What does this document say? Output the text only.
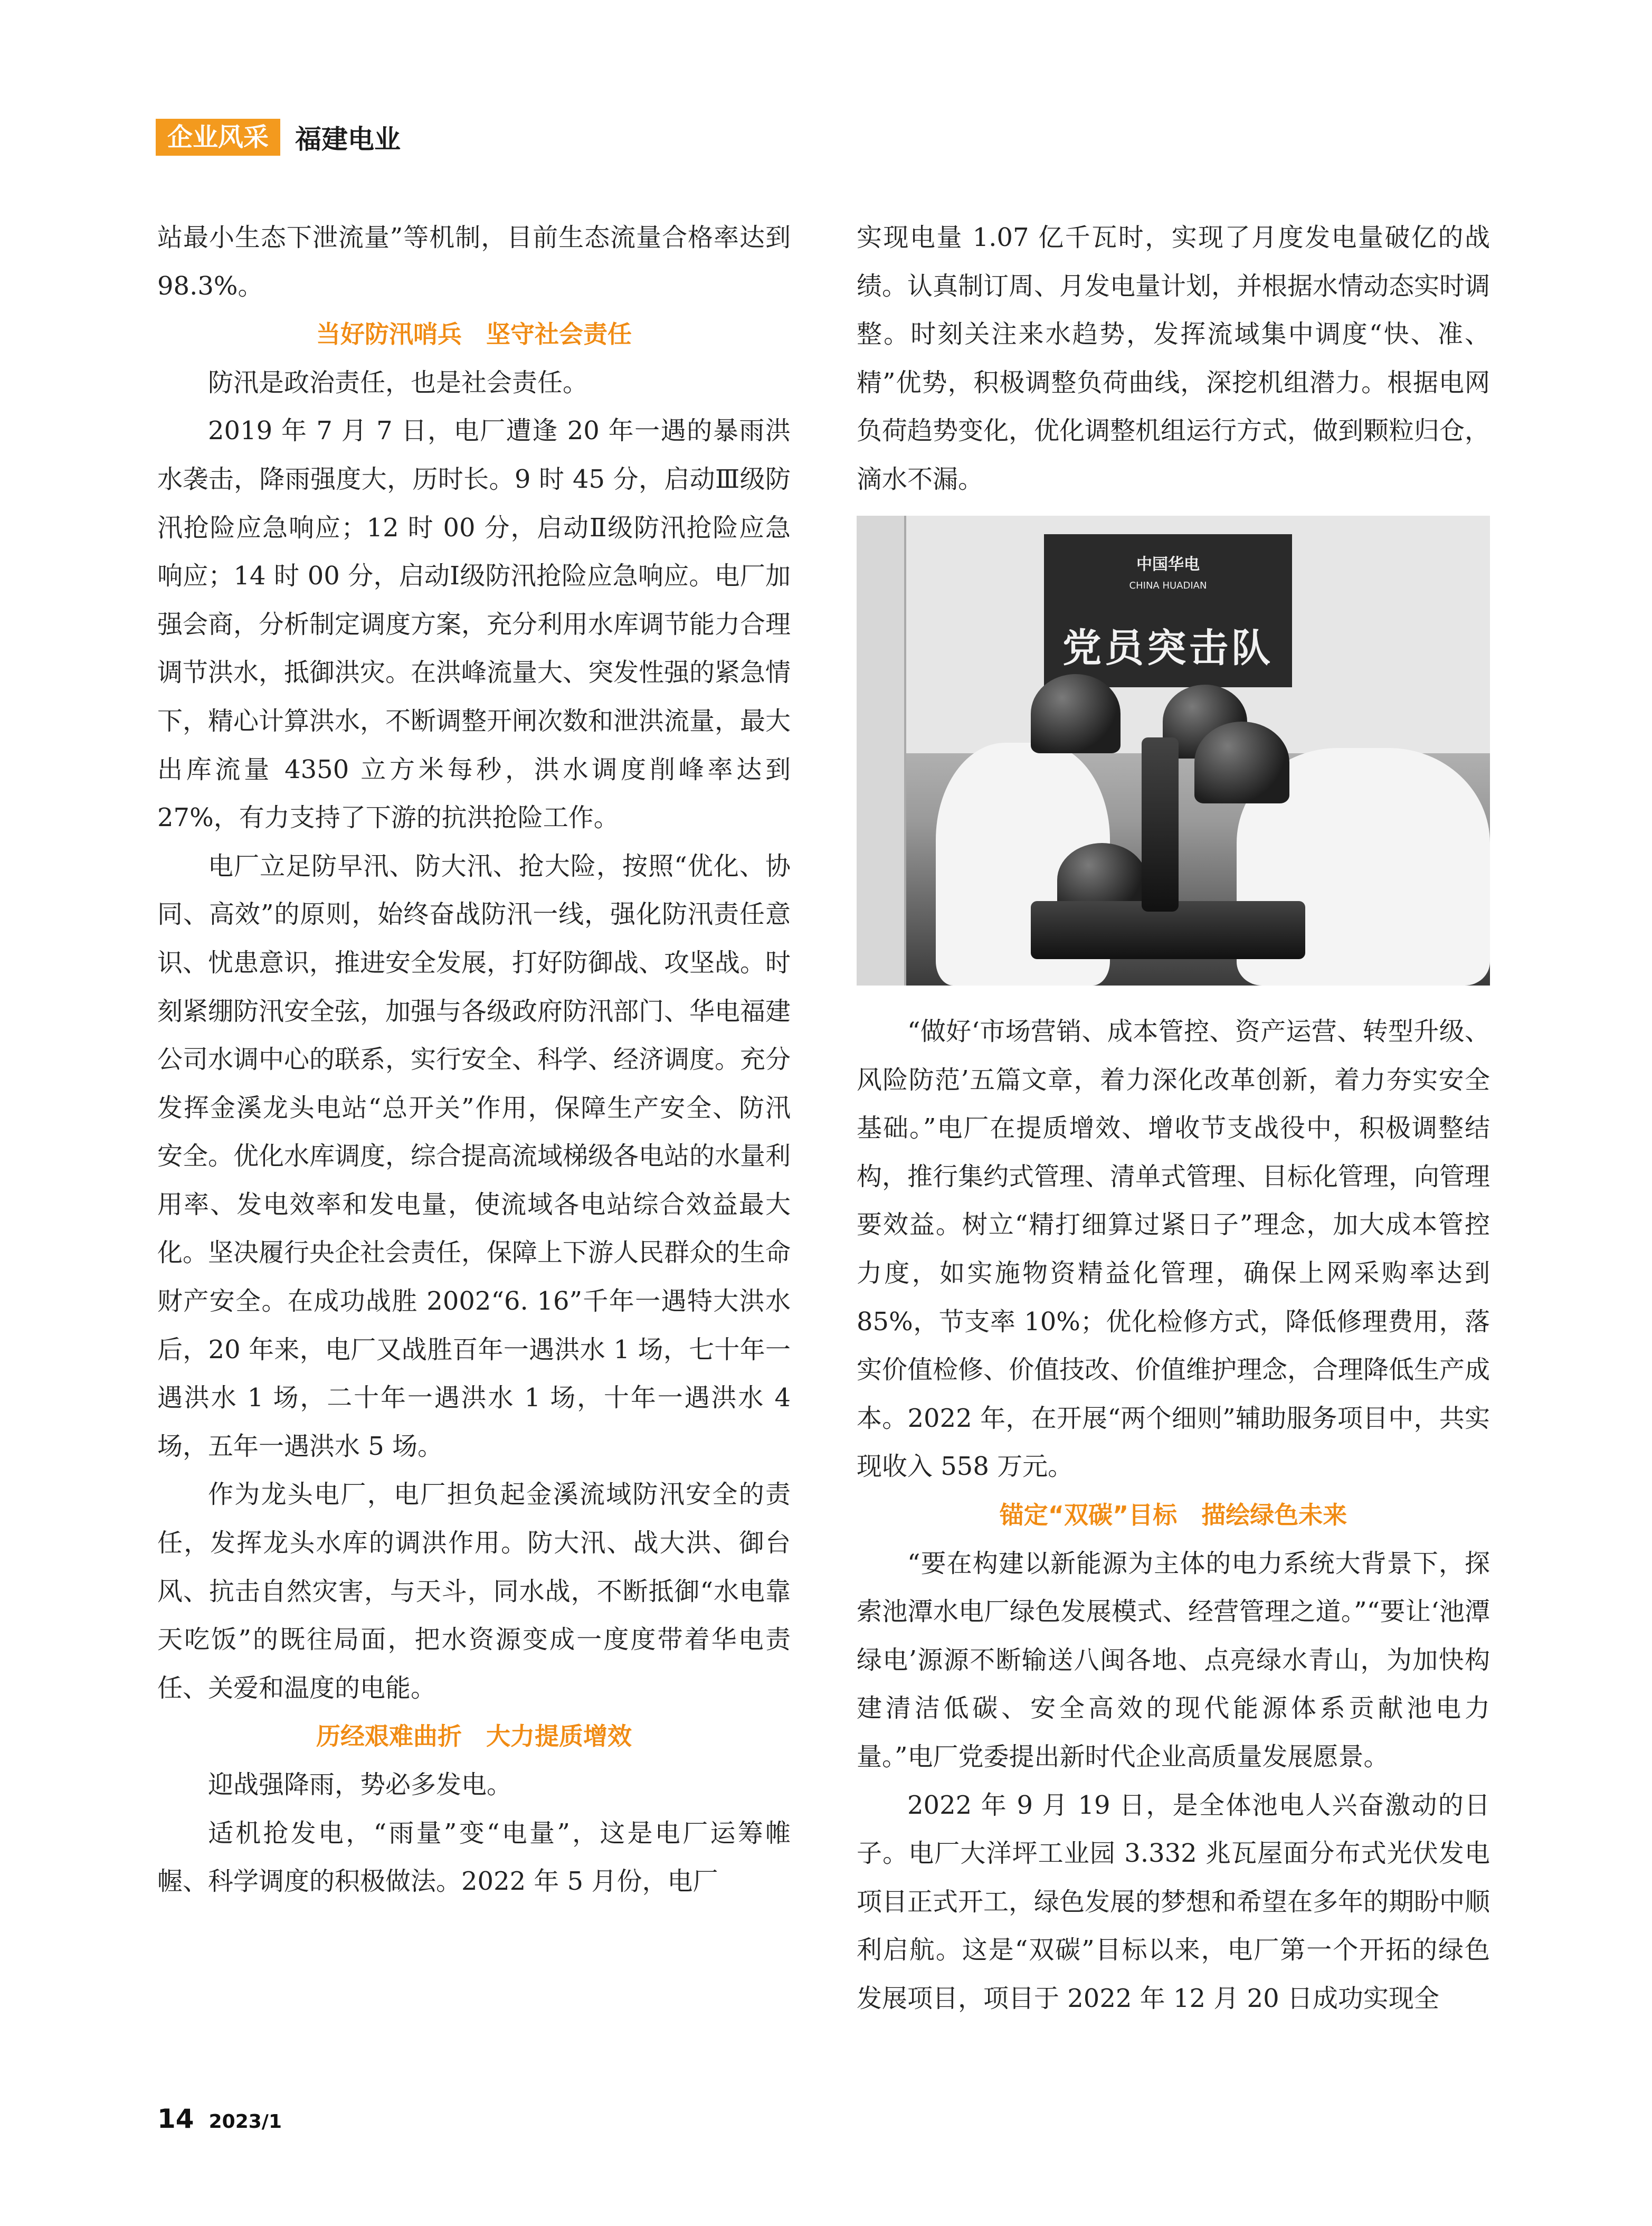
企业风采	福建电业

站最小生态下泄流量”等机制，目前生态流量合格率达到 98.3%。

当好防汛哨兵　坚守社会责任

防汛是政治责任，也是社会责任。

2019 年 7 月 7 日，电厂遭逢 20 年一遇的暴雨洪水袭击，降雨强度大，历时长。9 时 45 分，启动Ⅲ级防汛抢险应急响应；12 时 00 分，启动Ⅱ级防汛抢险应急响应；14 时 00 分，启动Ⅰ级防汛抢险应急响应。电厂加强会商，分析制定调度方案，充分利用水库调节能力合理调节洪水，抵御洪灾。在洪峰流量大、突发性强的紧急情下，精心计算洪水，不断调整开闸次数和泄洪流量，最大出库流量 4350 立方米每秒，洪水调度削峰率达到 27%，有力支持了下游的抗洪抢险工作。

电厂立足防早汛、防大汛、抢大险，按照“优化、协同、高效”的原则，始终奋战防汛一线，强化防汛责任意识、忧患意识，推进安全发展，打好防御战、攻坚战。时刻紧绷防汛安全弦，加强与各级政府防汛部门、华电福建公司水调中心的联系，实行安全、科学、经济调度。充分发挥金溪龙头电站“总开关”作用，保障生产安全、防汛安全。优化水库调度，综合提高流域梯级各电站的水量利用率、发电效率和发电量，使流域各电站综合效益最大化。坚决履行央企社会责任，保障上下游人民群众的生命财产安全。在成功战胜 2002“6. 16”千年一遇特大洪水后，20 年来，电厂又战胜百年一遇洪水 1 场，七十年一遇洪水 1 场，二十年一遇洪水 1 场，十年一遇洪水 4 场，五年一遇洪水 5 场。

作为龙头电厂，电厂担负起金溪流域防汛安全的责任，发挥龙头水库的调洪作用。防大汛、战大洪、御台风、抗击自然灾害，与天斗，同水战，不断抵御“水电靠天吃饭”的既往局面，把水资源变成一度度带着华电责任、关爱和温度的电能。

历经艰难曲折　大力提质增效

迎战强降雨，势必多发电。

适机抢发电，“雨量”变“电量”，这是电厂运筹帷幄、科学调度的积极做法。2022 年 5 月份，电厂

实现电量 1.07 亿千瓦时，实现了月度发电量破亿的战绩。认真制订周、月发电量计划，并根据水情动态实时调整。时刻关注来水趋势，发挥流域集中调度“快、准、精”优势，积极调整负荷曲线，深挖机组潜力。根据电网负荷趋势变化，优化调整机组运行方式，做到颗粒归仓，滴水不漏。

中国华电
CHINA HUADIAN
党员突击队

“做好‘市场营销、成本管控、资产运营、转型升级、风险防范’五篇文章，着力深化改革创新，着力夯实安全基础。”电厂在提质增效、增收节支战役中，积极调整结构，推行集约式管理、清单式管理、目标化管理，向管理要效益。树立“精打细算过紧日子”理念，加大成本管控力度，如实施物资精益化管理，确保上网采购率达到 85%，节支率 10%；优化检修方式，降低修理费用，落实价值检修、价值技改、价值维护理念，合理降低生产成本。2022 年，在开展“两个细则”辅助服务项目中，共实现收入 558 万元。

锚定“双碳”目标　描绘绿色未来

“要在构建以新能源为主体的电力系统大背景下，探索池潭水电厂绿色发展模式、经营管理之道。”“要让‘池潭绿电’源源不断输送八闽各地、点亮绿水青山，为加快构建清洁低碳、安全高效的现代能源体系贡献池电力量。”电厂党委提出新时代企业高质量发展愿景。

2022 年 9 月 19 日，是全体池电人兴奋激动的日子。电厂大洋坪工业园 3.332 兆瓦屋面分布式光伏发电项目正式开工，绿色发展的梦想和希望在多年的期盼中顺利启航。这是“双碳”目标以来，电厂第一个开拓的绿色发展项目，项目于 2022 年 12 月 20 日成功实现全

14 2023/1
